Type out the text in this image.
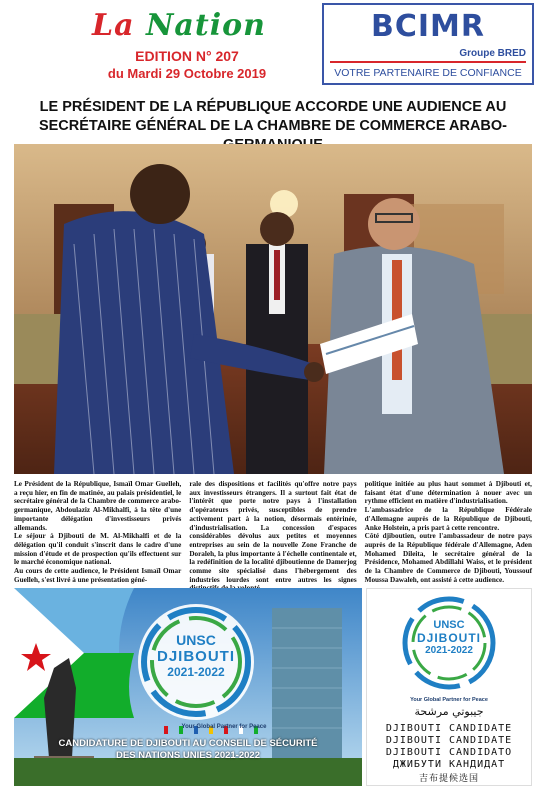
La Nation
EDITION N° 207
du Mardi 29 Octobre 2019
BCIMR
Groupe BRED
VOTRE PARTENAIRE DE CONFIANCE
LE PRÉSIDENT DE LA RÉPUBLIQUE ACCORDE UNE AUDIENCE AU
SECRÉTAIRE GÉNÉRAL DE LA CHAMBRE DE COMMERCE ARABO-

Le Président de la République, Ismaïl Omar Guelleh, a reçu hier, en fin de matinée, au palais présidentiel, le secrétaire général de la Chambre de commerce arabo-germanique, Abdoulaziz Al-Mikhalfi, à la tête d'une importante délégation d'investisseurs privés allemands.

Le séjour à Djibouti de M. Al-Mikhalfi et de la délégation qu'il conduit s'inscrit dans le cadre d'une mission d'étude et de prospection qu'ils effectuent sur le marché économique national.

Au cours de cette audience, le Président Ismaïl Omar Guelleh, s'est livré à une présentation géné-

rale des dispositions et facilités qu'offre notre pays aux investisseurs étrangers. Il a surtout fait état de l'intérêt que porte notre pays à l'installation d'opérateurs privés, susceptibles de prendre activement part à la notion, désormais entérinée, d'industrialisation. La concession d'espaces considérables dévolus aux petites et moyennes entreprises au sein de la nouvelle Zone Franche de Doraleh, la plus importante à l'échelle continentale et, la redéfinition de la localité djiboutienne de Damerjog comme site spécialisé dans l'hébergement des industries lourdes sont entre autres les signes

politique initiée au plus haut sommet à Djibouti et, faisant état d'une détermination à nouer avec un rythme efficient en matière d'industrialisation.

L'ambassadrice de la République Fédérale d'Allemagne auprès de la République de Djibouti, Anke Holstein, a pris part à cette rencontre.

Côté djiboutien, outre l'ambassadeur de notre pays auprès de la République fédérale d'Allemagne, Aden Mohamed Dileita, le secrétaire général de la Présidence, Mohamed Abdillahi Waiss, et le président de la Chambre de Commerce de Djibouti, Youssouf Moussa Dawaleh, ont assisté à cette audience.

UNSC
DJIBOUTI
2021-2022
Your Global Partner for Peace
CANDIDATURE DE DJIBOUTI AU CONSEIL DE SÉCURITÉ
DES NATIONS UNIES 2021-2022
UNSC
DJIBOUTI
2021-2022
Your Global Partner for Peace
جيبوتي مرشحة
DJIBOUTI CANDIDATE
DJIBOUTI CANDIDATE
DJIBOUTI CANDIDATO
ДЖИБУТИ КАНДИДАТ
吉布提候选国
